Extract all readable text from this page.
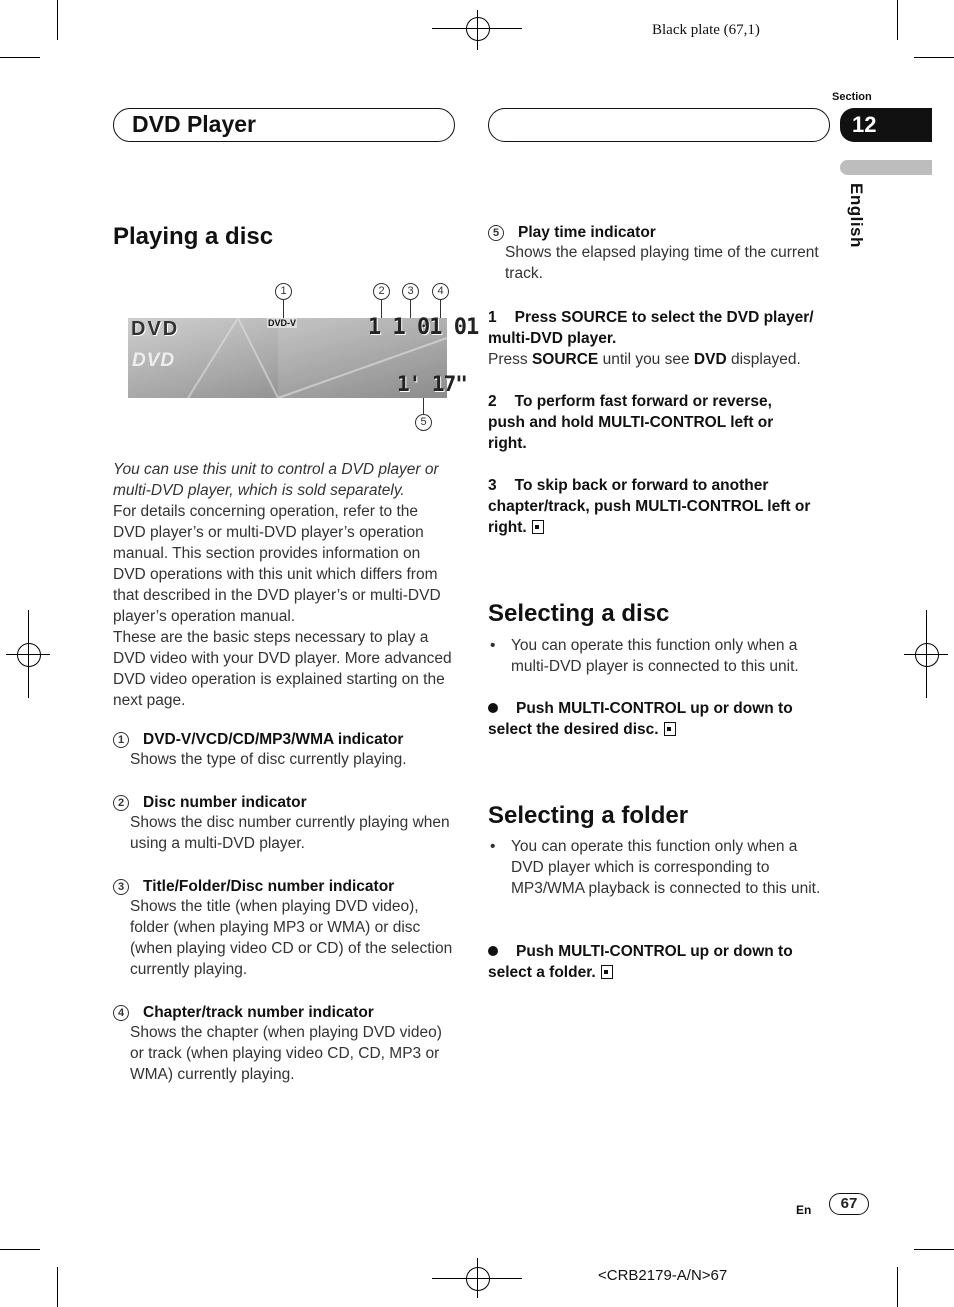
Black plate (67,1)
Section
12
English
DVD Player
Playing a disc
1	2	3	4
5
DVD
DVD
DVD-V	1 1 01 01
1' 17"
You can use this unit to control a DVD player or multi-DVD player, which is sold separately.
For details concerning operation, refer to the DVD player’s or multi-DVD player’s operation manual. This section provides information on DVD operations with this unit which differs from that described in the DVD player’s or multi-DVD player’s operation manual.
These are the basic steps necessary to play a DVD video with your DVD player. More advanced DVD video operation is explained starting on the next page.
1 DVD-V/VCD/CD/MP3/WMA indicator
Shows the type of disc currently playing.
2 Disc number indicator
Shows the disc number currently playing when using a multi-DVD player.
3 Title/Folder/Disc number indicator
Shows the title (when playing DVD video), folder (when playing MP3 or WMA) or disc (when playing video CD or CD) of the selection currently playing.
4 Chapter/track number indicator
Shows the chapter (when playing DVD video) or track (when playing video CD, CD, MP3 or WMA) currently playing.
5 Play time indicator
Shows the elapsed playing time of the current track.
1 Press SOURCE to select the DVD player/ multi-DVD player.
Press SOURCE until you see DVD displayed.
2 To perform fast forward or reverse, push and hold MULTI-CONTROL left or right.
3 To skip back or forward to another chapter/track, push MULTI-CONTROL left or right.
Selecting a disc
•	You can operate this function only when a multi-DVD player is connected to this unit.
Push MULTI-CONTROL up or down to select the desired disc.
Selecting a folder
•	You can operate this function only when a DVD player which is corresponding to MP3/WMA playback is connected to this unit.
Push MULTI-CONTROL up or down to select a folder.
En	67
<CRB2179-A/N>67
